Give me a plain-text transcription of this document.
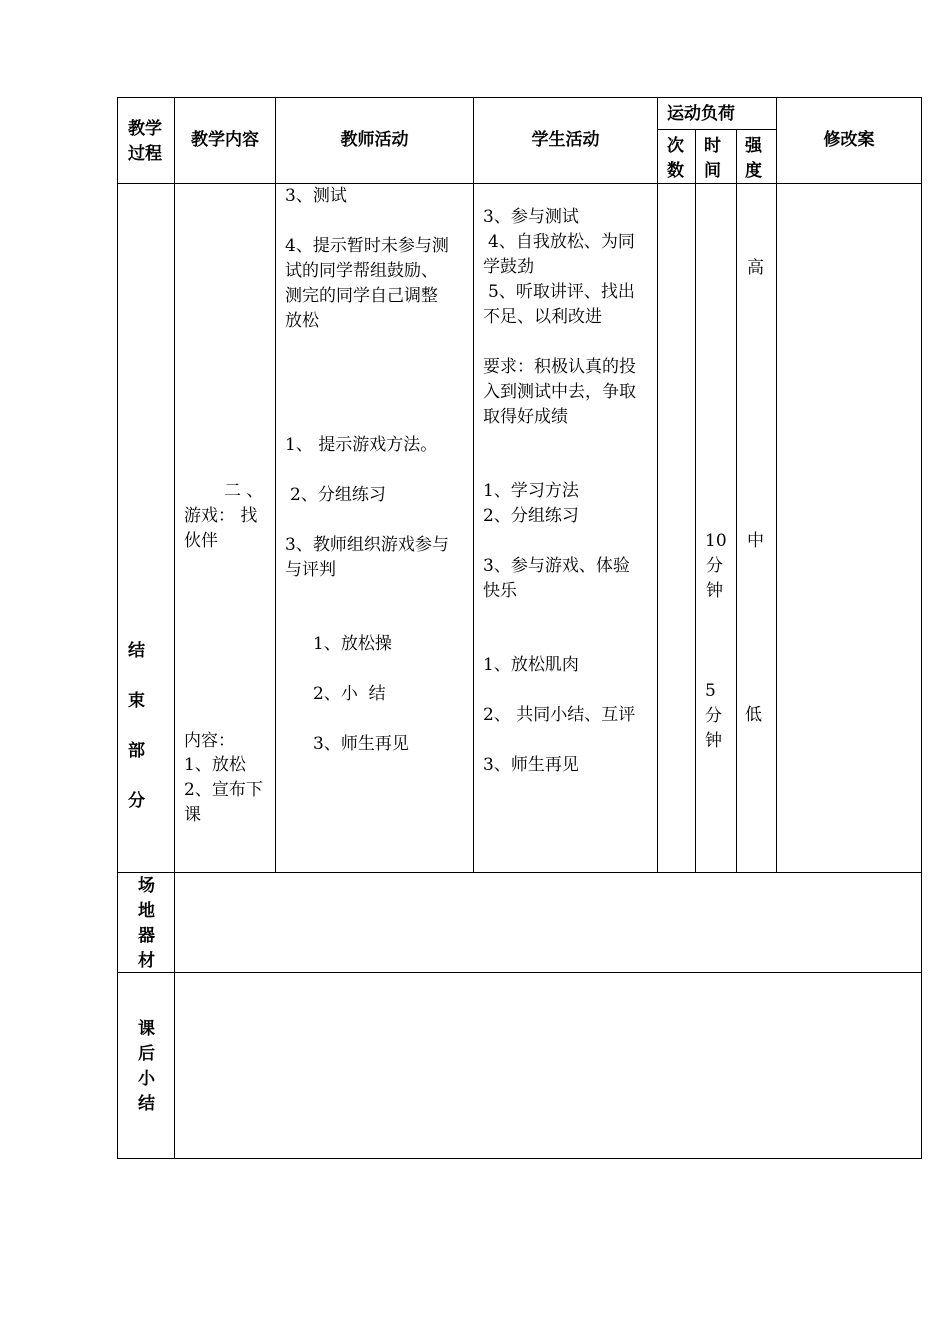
教学
过程
教学内容	教师活动	学生活动
运动负荷
次
数
时
间
强
度
修改案
结
束
部
分
二 、
游戏： 找
伙伴
内容：
1、放松
2、宣布下
课
3、测试
4、提示暂时未参与测
试的同学帮组鼓励、
测完的同学自己调整
放松
1、 提示游戏方法。
2、分组练习
3、教师组织游戏参与
与评判
1、放松操
2、小  结
3、师生再见
3、参与测试
4、自我放松、为同
学鼓劲
5、听取讲评、找出
不足、以利改进
要求：积极认真的投
入到测试中去，争取
取得好成绩
1、学习方法
2、分组练习
3、参与游戏、体验
快乐
1、放松肌肉
2、 共同小结、互评
3、师生再见
10
分
钟
5
分
钟
高
中
低
场
地
器
材
课
后
小
结
